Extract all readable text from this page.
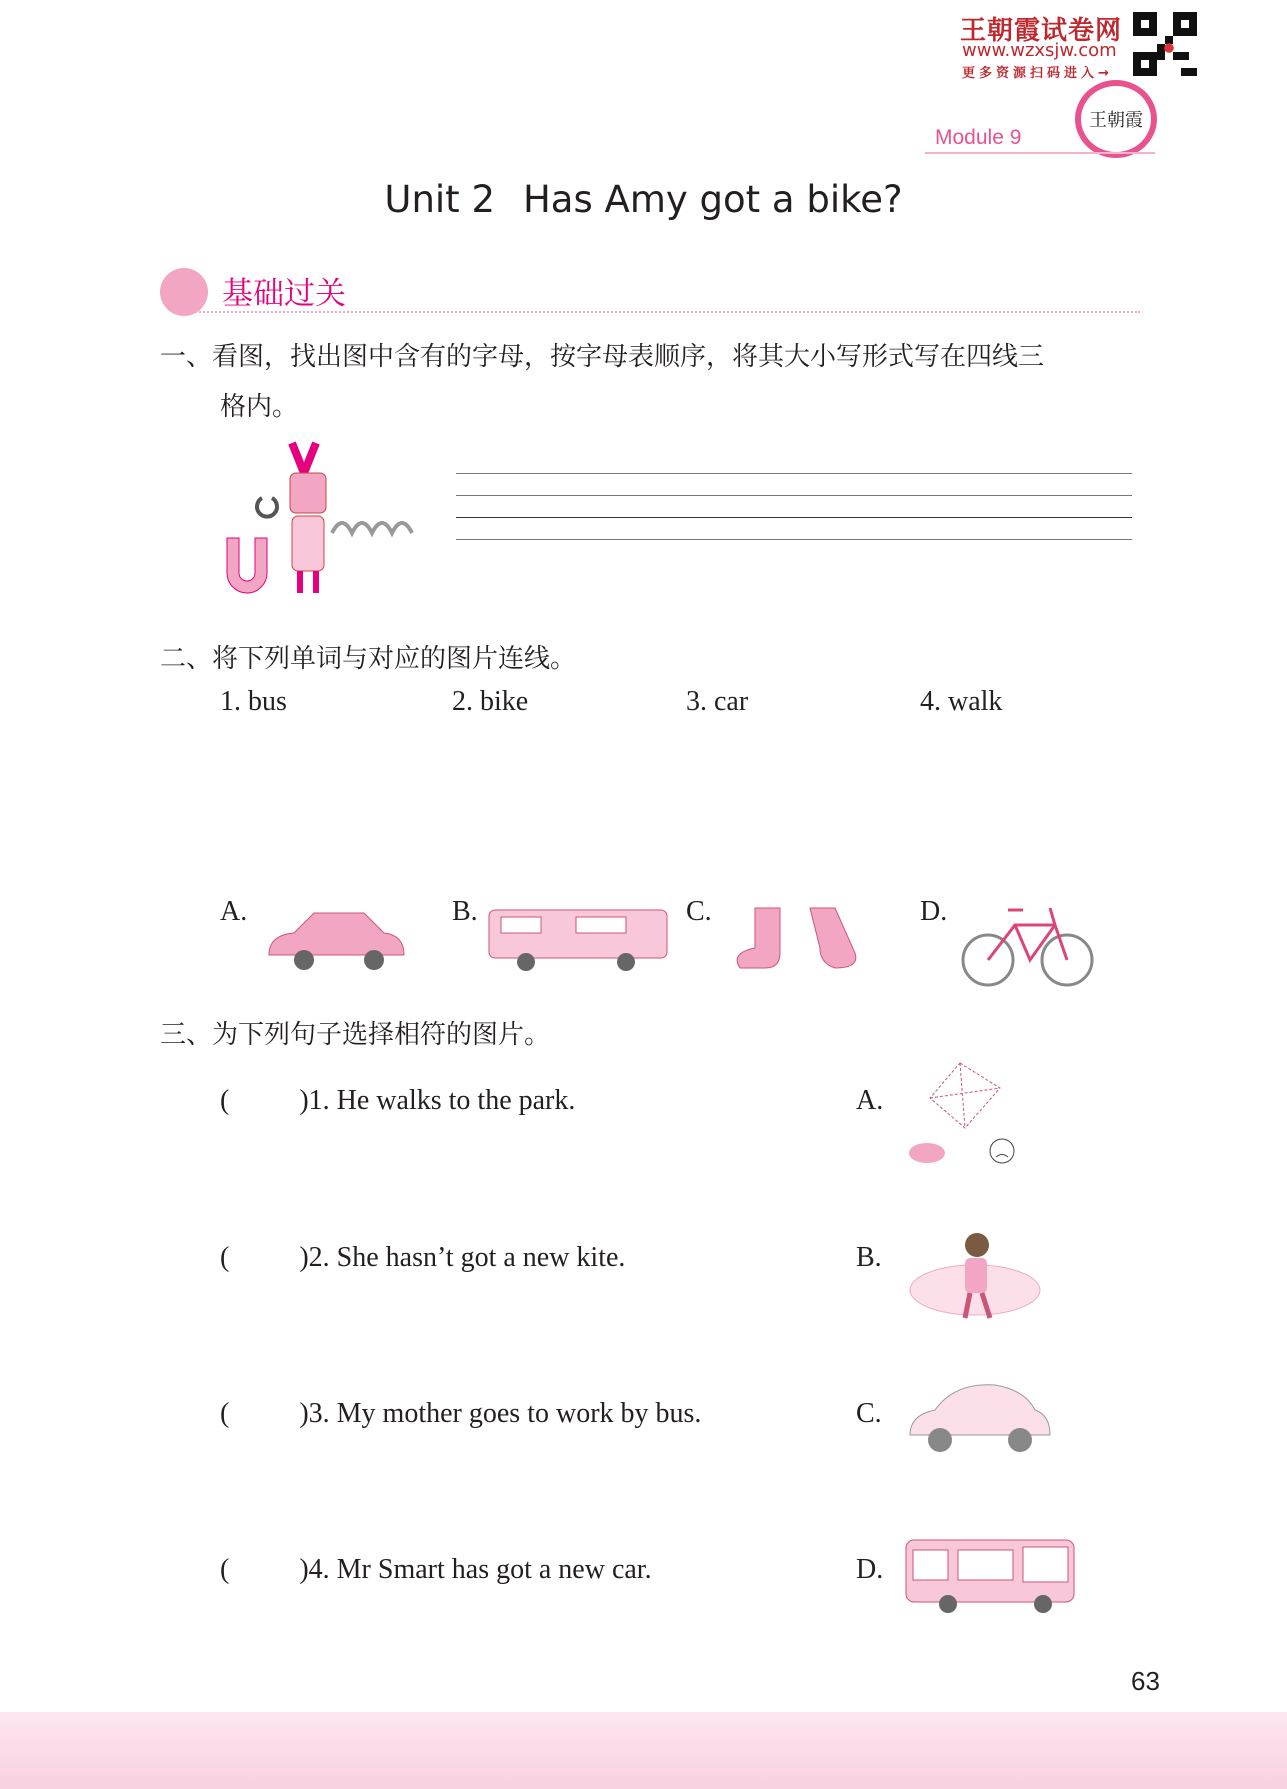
王朝霞试卷网
www.wzxsjw.com
更多资源扫码进入→
王朝霞
Module 9
Unit 2 Has Amy got a bike?
基础过关
一、看图，找出图中含有的字母，按字母表顺序，将其大小写形式写在四线三
格内。
二、将下列单词与对应的图片连线。
1. bus	2. bike	3. car	4. walk
A.	B.	C.	D.
三、为下列句子选择相符的图片。
(	)1. He walks to the park.
(	)2. She hasn’t got a new kite.
(	)3. My mother goes to work by bus.
(	)4. Mr Smart has got a new car.
A.
B.
C.
D.
63
